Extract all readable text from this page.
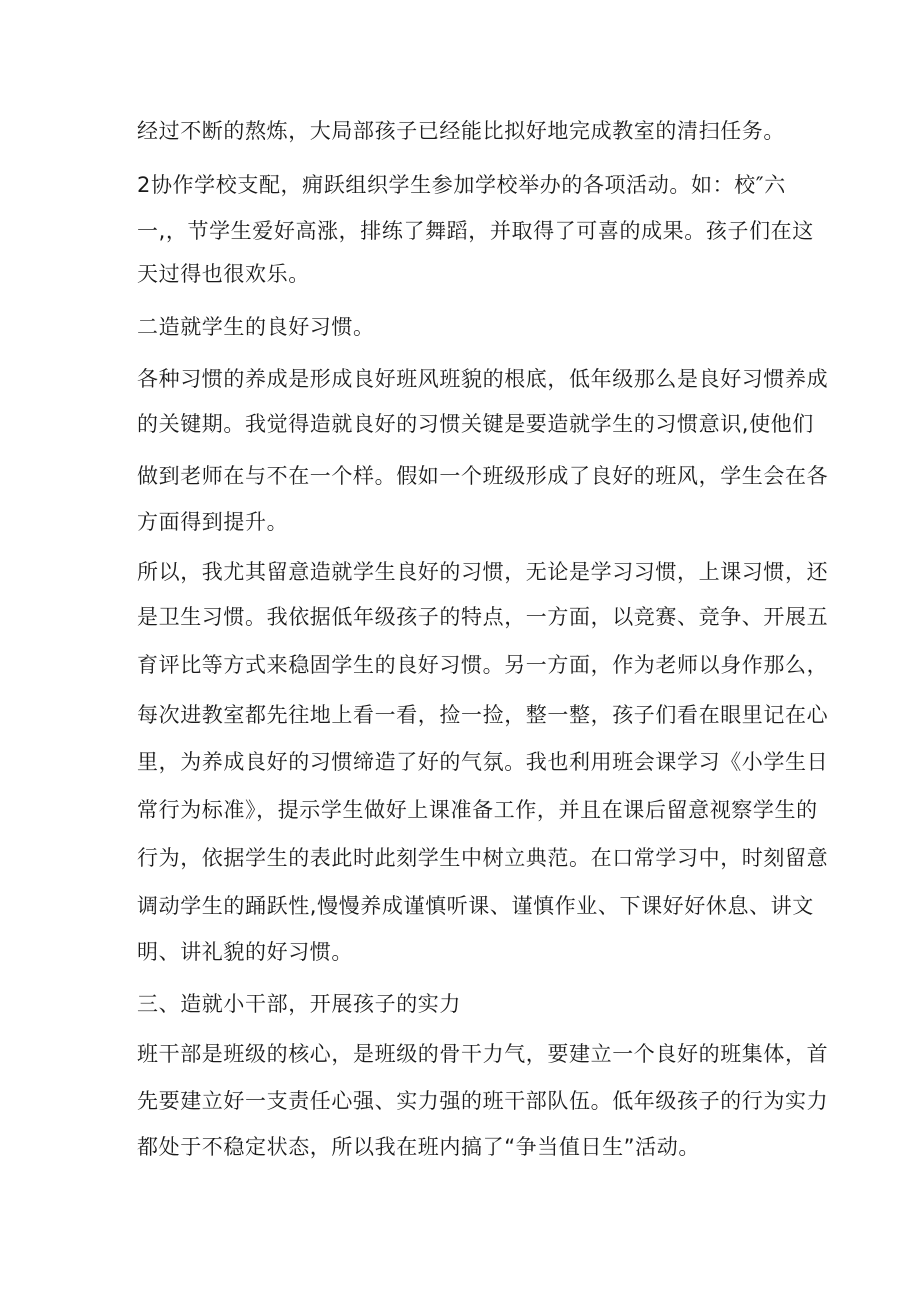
经过不断的熬炼，大局部孩子已经能比拟好地完成教室的清扫任务。
2协作学校支配，痈跃组织学生参加学校举办的各项活动。如：校″六
一,，节学生爱好高涨，排练了舞蹈，并取得了可喜的成果。孩子们在这
天过得也很欢乐。
二造就学生的良好习惯。
各种习惯的养成是形成良好班风班貌的根底，低年级那么是良好习惯养成
的关键期。我觉得造就良好的习惯关键是要造就学生的习惯意识,使他们
做到老师在与不在一个样。假如一个班级形成了良好的班风，学生会在各
方面得到提升。
所以，我尤其留意造就学生良好的习惯，无论是学习习惯，上课习惯，还
是卫生习惯。我依据低年级孩子的特点，一方面，以竞赛、竞争、开展五
育评比等方式来稳固学生的良好习惯。另一方面，作为老师以身作那么，
每次进教室都先往地上看一看，捡一捡，整一整，孩子们看在眼里记在心
里，为养成良好的习惯缔造了好的气氛。我也利用班会课学习《小学生日
常行为标准》，提示学生做好上课准备工作，并且在课后留意视察学生的
行为，依据学生的表此时此刻学生中树立典范。在口常学习中，时刻留意
调动学生的踊跃性,慢慢养成谨慎听课、谨慎作业、下课好好休息、讲文
明、讲礼貌的好习惯。
三、造就小干部，开展孩子的实力
班干部是班级的核心，是班级的骨干力气，要建立一个良好的班集体，首
先要建立好一支责任心强、实力强的班干部队伍。低年级孩子的行为实力
都处于不稳定状态，所以我在班内搞了“争当值日生”活动。
